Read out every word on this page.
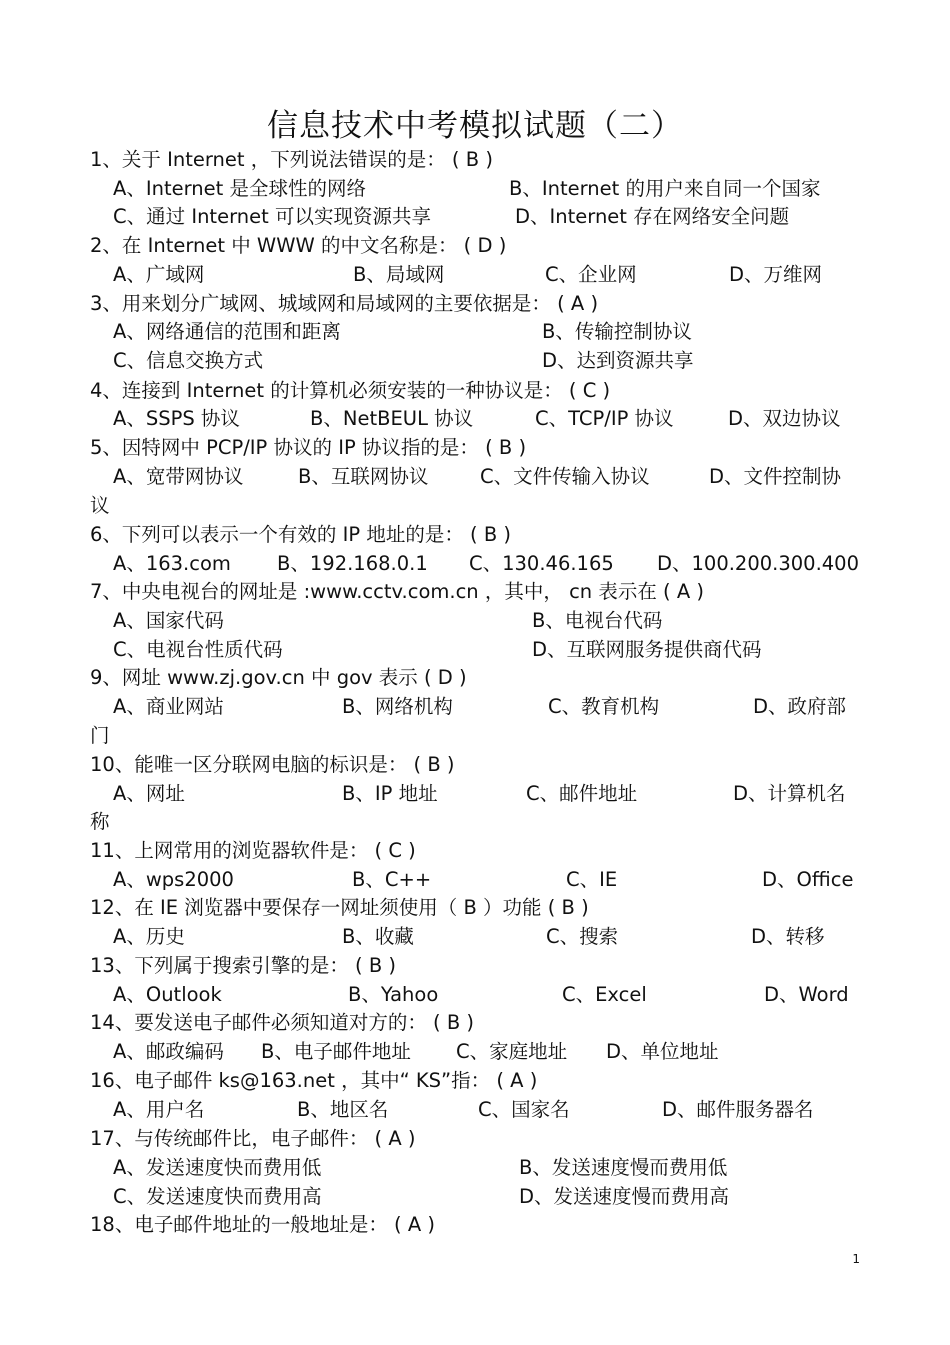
信息技术中考模拟试题（二）
1、关于 Internet ，下列说法错误的是： ( B )
A、Internet 是全球性的网络	B、Internet 的用户来自同一个国家
C、通过 Internet 可以实现资源共享	D、Internet 存在网络安全问题
2、在 Internet 中 WWW 的中文名称是： ( D )
A、广域网	B、局域网	C、企业网	D、万维网
3、用来划分广域网、城域网和局域网的主要依据是： ( A )
A、网络通信的范围和距离	B、传输控制协议
C、信息交换方式	D、达到资源共享
4、连接到 Internet 的计算机必须安装的一种协议是： ( C )
A、SSPS 协议	B、NetBEUL 协议	C、TCP/IP 协议	D、双边协议
5、因特网中 PCP/IP 协议的 IP 协议指的是： ( B )
A、宽带网协议	B、互联网协议	C、文件传输入协议	D、文件控制协
议
6、下列可以表示一个有效的 IP 地址的是： ( B )
A、163.com B、192.168.0.1 C、130.46.165 D、100.200.300.400
7、中央电视台的网址是 :www.cctv.com.cn ，其中， cn 表示在 ( A )
A、国家代码	B、电视台代码
C、电视台性质代码	D、互联网服务提供商代码
9、网址 www.zj.gov.cn 中 gov 表示 ( D )
A、商业网站	B、网络机构	C、教育机构	D、政府部
门
10、能唯一区分联网电脑的标识是： ( B )
A、网址	B、IP 地址	C、邮件地址	D、计算机名
称
11、上网常用的浏览器软件是： ( C )
A、wps2000	B、C++	C、IE	D、Office
12、在 IE 浏览器中要保存一网址须使用（ B ）功能 ( B )
A、历史	B、收藏	C、搜索	D、转移
13、下列属于搜索引擎的是： ( B )
A、Outlook	B、Yahoo	C、Excel	D、Word
14、要发送电子邮件必须知道对方的： ( B )
A、邮政编码 B、电子邮件地址 C、家庭地址 D、单位地址
16、电子邮件 ks@163.net ，其中“ KS”指： ( A )
A、用户名	B、地区名	C、国家名	D、邮件服务器名
17、与传统邮件比，电子邮件： ( A )
A、发送速度快而费用低	B、发送速度慢而费用低
C、发送速度快而费用高	D、发送速度慢而费用高
18、电子邮件地址的一般地址是： ( A )
1
